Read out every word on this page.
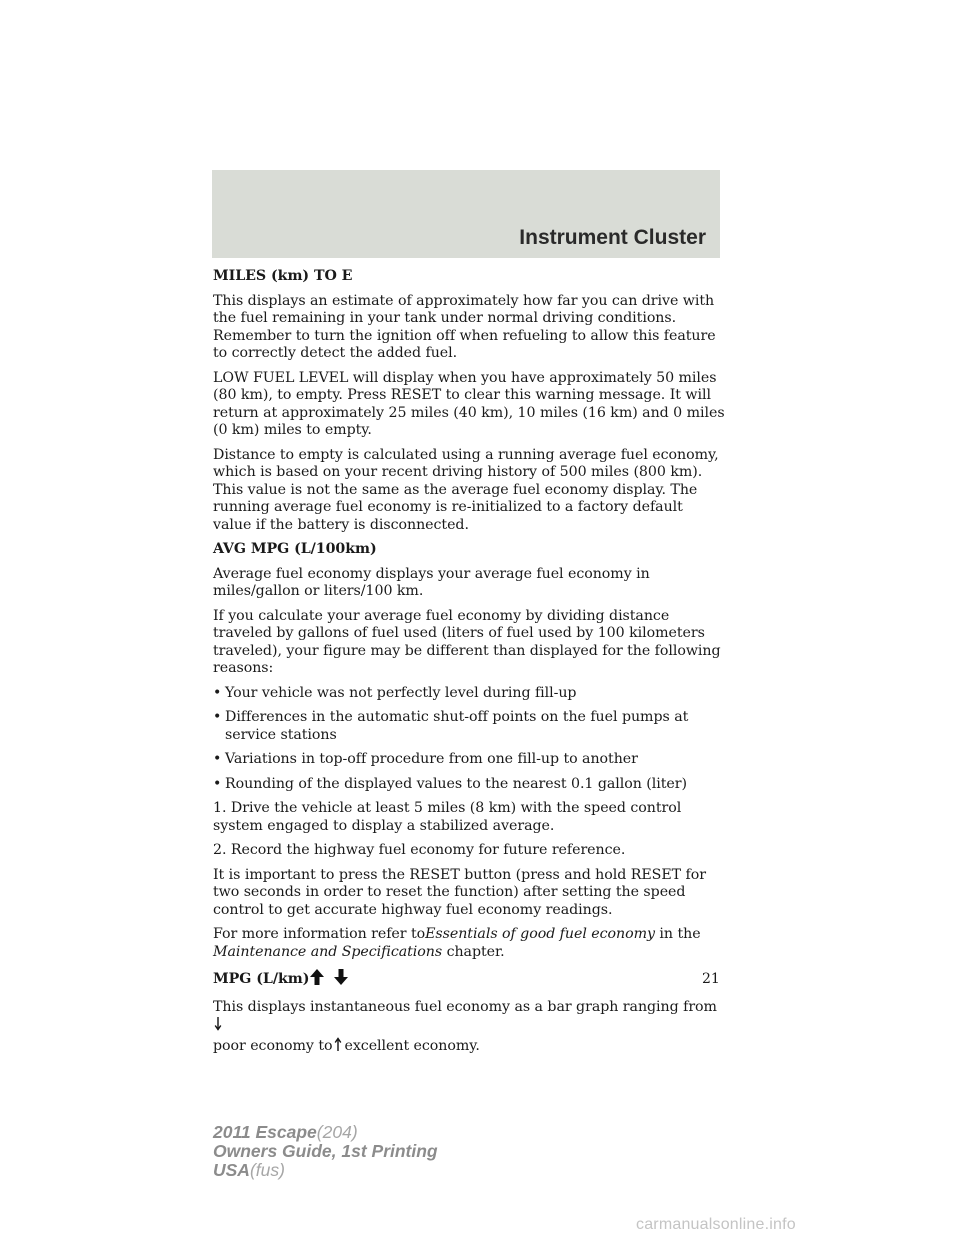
Instrument Cluster
MILES (km) TO E

This displays an estimate of approximately how far you can drive with the fuel remaining in your tank under normal driving conditions. Remember to turn the ignition off when refueling to allow this feature to correctly detect the added fuel.

LOW FUEL LEVEL will display when you have approximately 50 miles (80 km), to empty. Press RESET to clear this warning message. It will return at approximately 25 miles (40 km), 10 miles (16 km) and 0 miles (0 km) miles to empty.

Distance to empty is calculated using a running average fuel economy, which is based on your recent driving history of 500 miles (800 km). This value is not the same as the average fuel economy display. The running average fuel economy is re-initialized to a factory default value if the battery is disconnected.

AVG MPG (L/100km)

Average fuel economy displays your average fuel economy in miles/gallon or liters/100 km.

If you calculate your average fuel economy by dividing distance traveled by gallons of fuel used (liters of fuel used by 100 kilometers traveled), your figure may be different than displayed for the following reasons:

• Your vehicle was not perfectly level during fill-up
• Differences in the automatic shut-off points on the fuel pumps at service stations
• Variations in top-off procedure from one fill-up to another
• Rounding of the displayed values to the nearest 0.1 gallon (liter)

1. Drive the vehicle at least 5 miles (8 km) with the speed control system engaged to display a stabilized average.

2. Record the highway fuel economy for future reference.

It is important to press the RESET button (press and hold RESET for two seconds in order to reset the function) after setting the speed control to get accurate highway fuel economy readings.

For more information refer toEssentials of good fuel economy in the
Maintenance and Specifications chapter.

MPG (L/km)

This displays instantaneous fuel economy as a bar graph ranging from
poor economy to excellent economy.

21
2011 Escape(204)
Owners Guide, 1st Printing
USA(fus)
carmanualsonline.info
